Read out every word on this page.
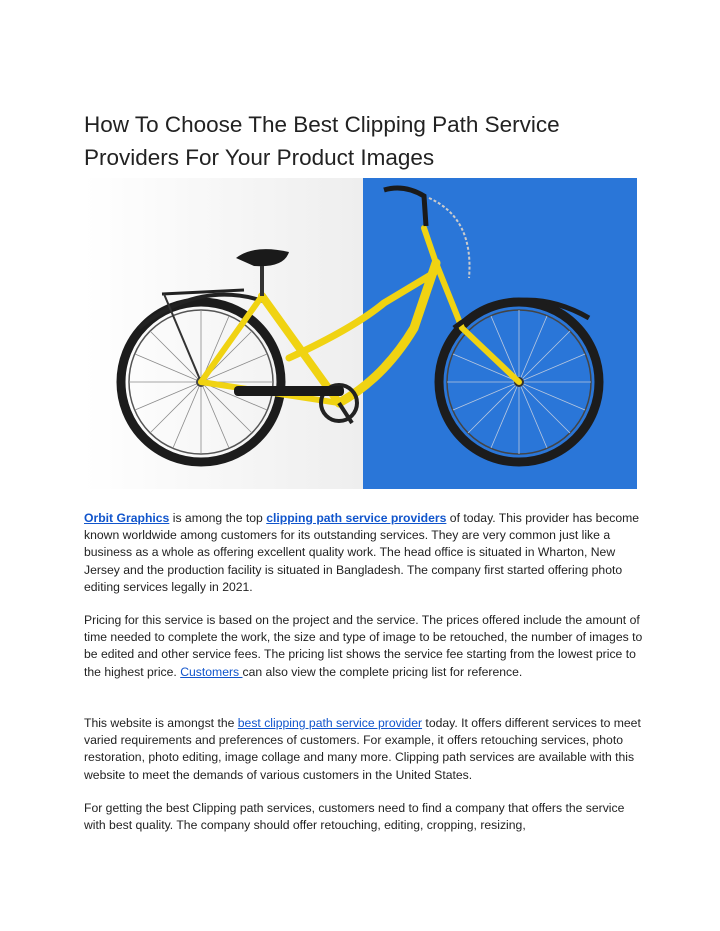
How To Choose The Best Clipping Path Service Providers For Your Product Images

Orbit Graphics is among the top clipping path service providers of today. This provider has become known worldwide among customers for its outstanding services. They are very common just like a business as a whole as offering excellent quality work. The head office is situated in Wharton, New Jersey and the production facility is situated in Bangladesh. The company first started offering photo editing services legally in 2021.

Pricing for this service is based on the project and the service. The prices offered include the amount of time needed to complete the work, the size and type of image to be retouched, the number of images to be edited and other service fees. The pricing list shows the service fee starting from the lowest price to the highest price. Customers can also view the complete pricing list for reference.

This website is amongst the best clipping path service provider today. It offers different services to meet varied requirements and preferences of customers. For example, it offers retouching services, photo restoration, photo editing, image collage and many more. Clipping path services are available with this website to meet the demands of various customers in the United States.

For getting the best Clipping path services, customers need to find a company that offers the service with best quality. The company should offer retouching, editing, cropping, resizing,
